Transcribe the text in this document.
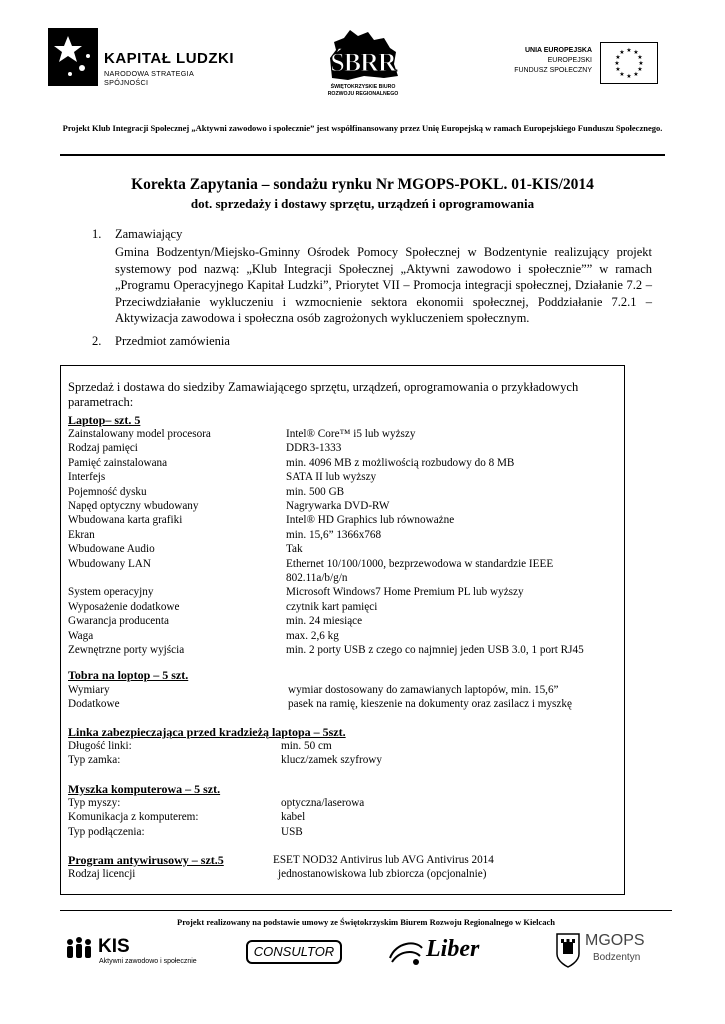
KAPITAŁ LUDZKI
NARODOWA STRATEGIA SPÓJNOŚCI
ŚBRR
ŚWIĘTOKRZYSKIE BIURO
ROZWOJU REGIONALNEGO
UNIA EUROPEJSKA
EUROPEJSKI
FUNDUSZ SPOŁECZNY
★ ★
★
★
★
★
★
★
★
★
★
★
Projekt Klub Integracji Społecznej „Aktywni zawodowo i społecznie” jest współfinansowany przez Unię Europejską w ramach Europejskiego Funduszu Społecznego.
Korekta Zapytania – sondażu rynku Nr MGOPS-POKL. 01-KIS/2014
dot. sprzedaży i dostawy sprzętu, urządzeń i oprogramowania
1. Zamawiający
Gmina Bodzentyn/Miejsko-Gminny Ośrodek Pomocy Społecznej w Bodzentynie realizujący projekt systemowy pod nazwą: „Klub Integracji Społecznej „Aktywni zawodowo i społecznie”” w ramach „Programu Operacyjnego Kapitał Ludzki”, Priorytet VII – Promocja integracji społecznej, Działanie 7.2 – Przeciwdziałanie wykluczeniu i wzmocnienie sektora ekonomii społecznej, Poddziałanie 7.2.1 – Aktywizacja zawodowa i społeczna osób zagrożonych wykluczeniem społecznym.
2. Przedmiot zamówienia
Sprzedaż i dostawa do siedziby Zamawiającego sprzętu, urządzeń, oprogramowania o przykładowych parametrach:
Laptop– szt. 5
Zainstalowany model procesora	Intel® Core™ i5 lub wyższy
Rodzaj pamięci	DDR3-1333
Pamięć zainstalowana	min. 4096 MB z możliwością rozbudowy do 8 MB
Interfejs	SATA II lub wyższy
Pojemność dysku	min. 500 GB
Napęd optyczny wbudowany	Nagrywarka DVD-RW
Wbudowana karta grafiki	Intel® HD Graphics lub równoważne
Ekran	min. 15,6” 1366x768
Wbudowane Audio	Tak
Wbudowany LAN	Ethernet 10/100/1000, bezprzewodowa w standardzie IEEE
802.11a/b/g/n
System operacyjny	Microsoft Windows7 Home Premium PL lub wyższy
Wyposażenie dodatkowe	czytnik kart pamięci
Gwarancja producenta	min. 24 miesiące
Waga	max. 2,6 kg
Zewnętrzne porty wyjścia	min. 2 porty USB z czego co najmniej jeden USB 3.0, 1 port RJ45
Tobra na loptop – 5 szt.
Wymiary	wymiar dostosowany do zamawianych laptopów, min. 15,6”
Dodatkowe	pasek na ramię, kieszenie na dokumenty oraz zasilacz i myszkę
Linka zabezpieczająca przed kradzieżą laptopa – 5szt.
Długość linki:	min. 50 cm
Typ zamka:	klucz/zamek szyfrowy
Myszka komputerowa – 5 szt.
Typ myszy:	optyczna/laserowa
Komunikacja z komputerem:	kabel
Typ podłączenia:	USB
Program antywirusowy – szt.5	ESET NOD32 Antivirus lub AVG Antivirus 2014
Rodzaj licencji	jednostanowiskowa lub zbiorcza (opcjonalnie)
Projekt realizowany na podstawie umowy ze Świętokrzyskim Biurem Rozwoju Regionalnego w Kielcach
KIS
Aktywni zawodowo i społecznie
CONSULTOR	Liber	MGOPS
Bodzentyn
